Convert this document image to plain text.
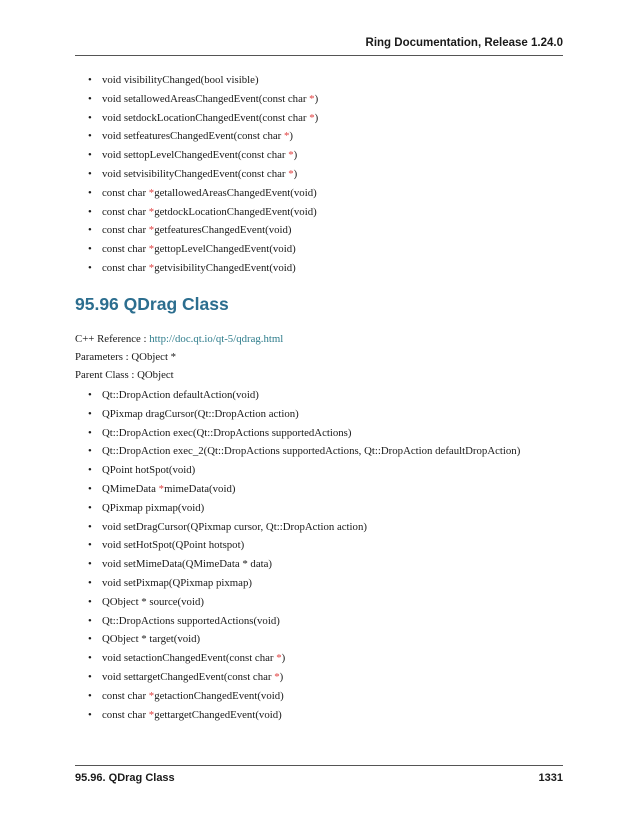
Ring Documentation, Release 1.24.0
• void visibilityChanged(bool visible)
• void setallowedAreasChangedEvent(const char *)
• void setdockLocationChangedEvent(const char *)
• void setfeaturesChangedEvent(const char *)
• void settopLevelChangedEvent(const char *)
• void setvisibilityChangedEvent(const char *)
• const char *getallowedAreasChangedEvent(void)
• const char *getdockLocationChangedEvent(void)
• const char *getfeaturesChangedEvent(void)
• const char *gettopLevelChangedEvent(void)
• const char *getvisibilityChangedEvent(void)
95.96 QDrag Class
C++ Reference : http://doc.qt.io/qt-5/qdrag.html
Parameters : QObject *
Parent Class : QObject
• Qt::DropAction defaultAction(void)
• QPixmap dragCursor(Qt::DropAction action)
• Qt::DropAction exec(Qt::DropActions supportedActions)
• Qt::DropAction exec_2(Qt::DropActions supportedActions, Qt::DropAction defaultDropAction)
• QPoint hotSpot(void)
• QMimeData *mimeData(void)
• QPixmap pixmap(void)
• void setDragCursor(QPixmap cursor, Qt::DropAction action)
• void setHotSpot(QPoint hotspot)
• void setMimeData(QMimeData * data)
• void setPixmap(QPixmap pixmap)
• QObject * source(void)
• Qt::DropActions supportedActions(void)
• QObject * target(void)
• void setactionChangedEvent(const char *)
• void settargetChangedEvent(const char *)
• const char *getactionChangedEvent(void)
• const char *gettargetChangedEvent(void)
95.96. QDrag Class	1331
